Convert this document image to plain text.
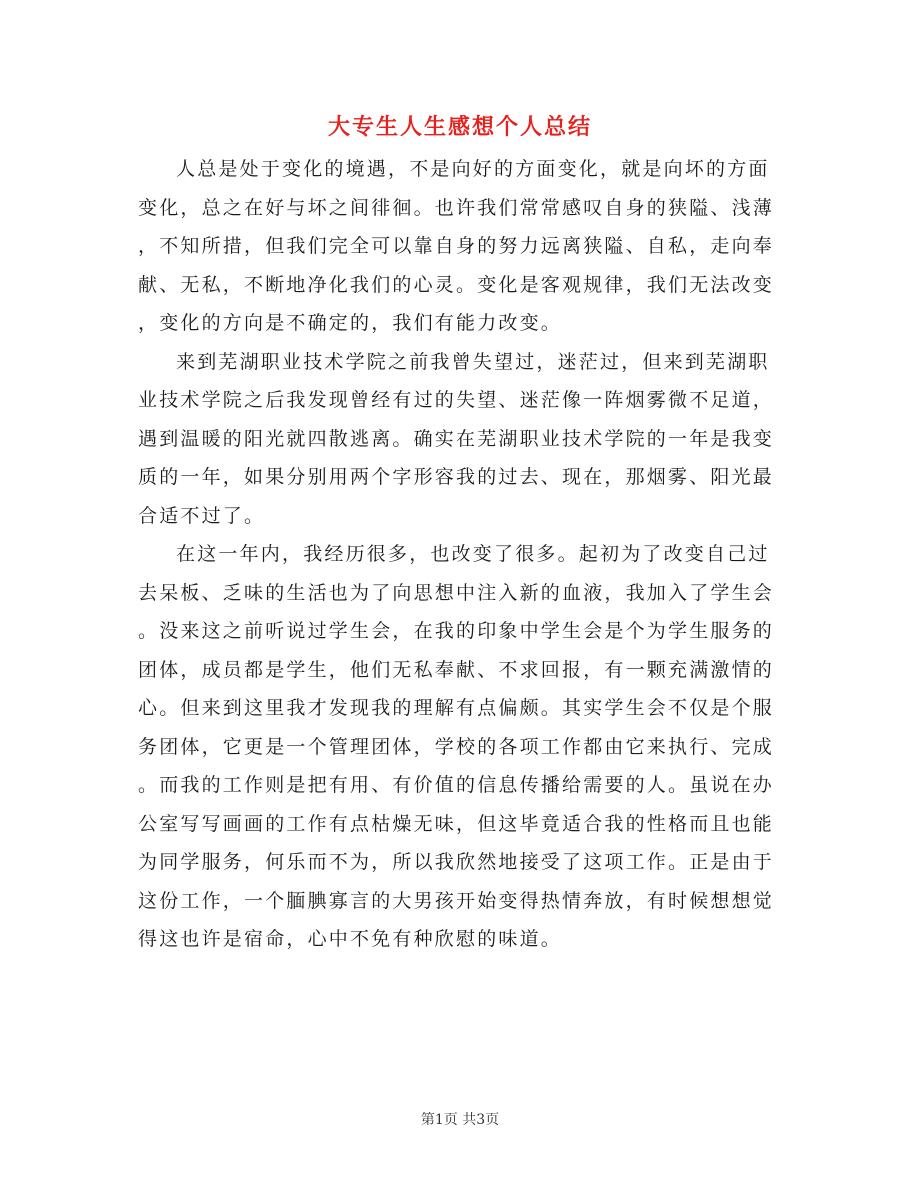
大专生人生感想个人总结

人总是处于变化的境遇，不是向好的方面变化，就是向坏的方面
变化，总之在好与坏之间徘徊。也许我们常常感叹自身的狭隘、浅薄
，不知所措，但我们完全可以靠自身的努力远离狭隘、自私，走向奉
献、无私，不断地净化我们的心灵。变化是客观规律，我们无法改变
，变化的方向是不确定的，我们有能力改变。

来到芜湖职业技术学院之前我曾失望过，迷茫过，但来到芜湖职
业技术学院之后我发现曾经有过的失望、迷茫像一阵烟雾微不足道，
遇到温暖的阳光就四散逃离。确实在芜湖职业技术学院的一年是我变
质的一年，如果分别用两个字形容我的过去、现在，那烟雾、阳光最
合适不过了。

在这一年内，我经历很多，也改变了很多。起初为了改变自己过
去呆板、乏味的生活也为了向思想中注入新的血液，我加入了学生会
。没来这之前听说过学生会，在我的印象中学生会是个为学生服务的
团体，成员都是学生，他们无私奉献、不求回报，有一颗充满激情的
心。但来到这里我才发现我的理解有点偏颇。其实学生会不仅是个服
务团体，它更是一个管理团体，学校的各项工作都由它来执行、完成
。而我的工作则是把有用、有价值的信息传播给需要的人。虽说在办
公室写写画画的工作有点枯燥无味，但这毕竟适合我的性格而且也能
为同学服务，何乐而不为，所以我欣然地接受了这项工作。正是由于
这份工作，一个腼腆寡言的大男孩开始变得热情奔放，有时候想想觉
得这也许是宿命，心中不免有种欣慰的味道。

第1页 共3页
